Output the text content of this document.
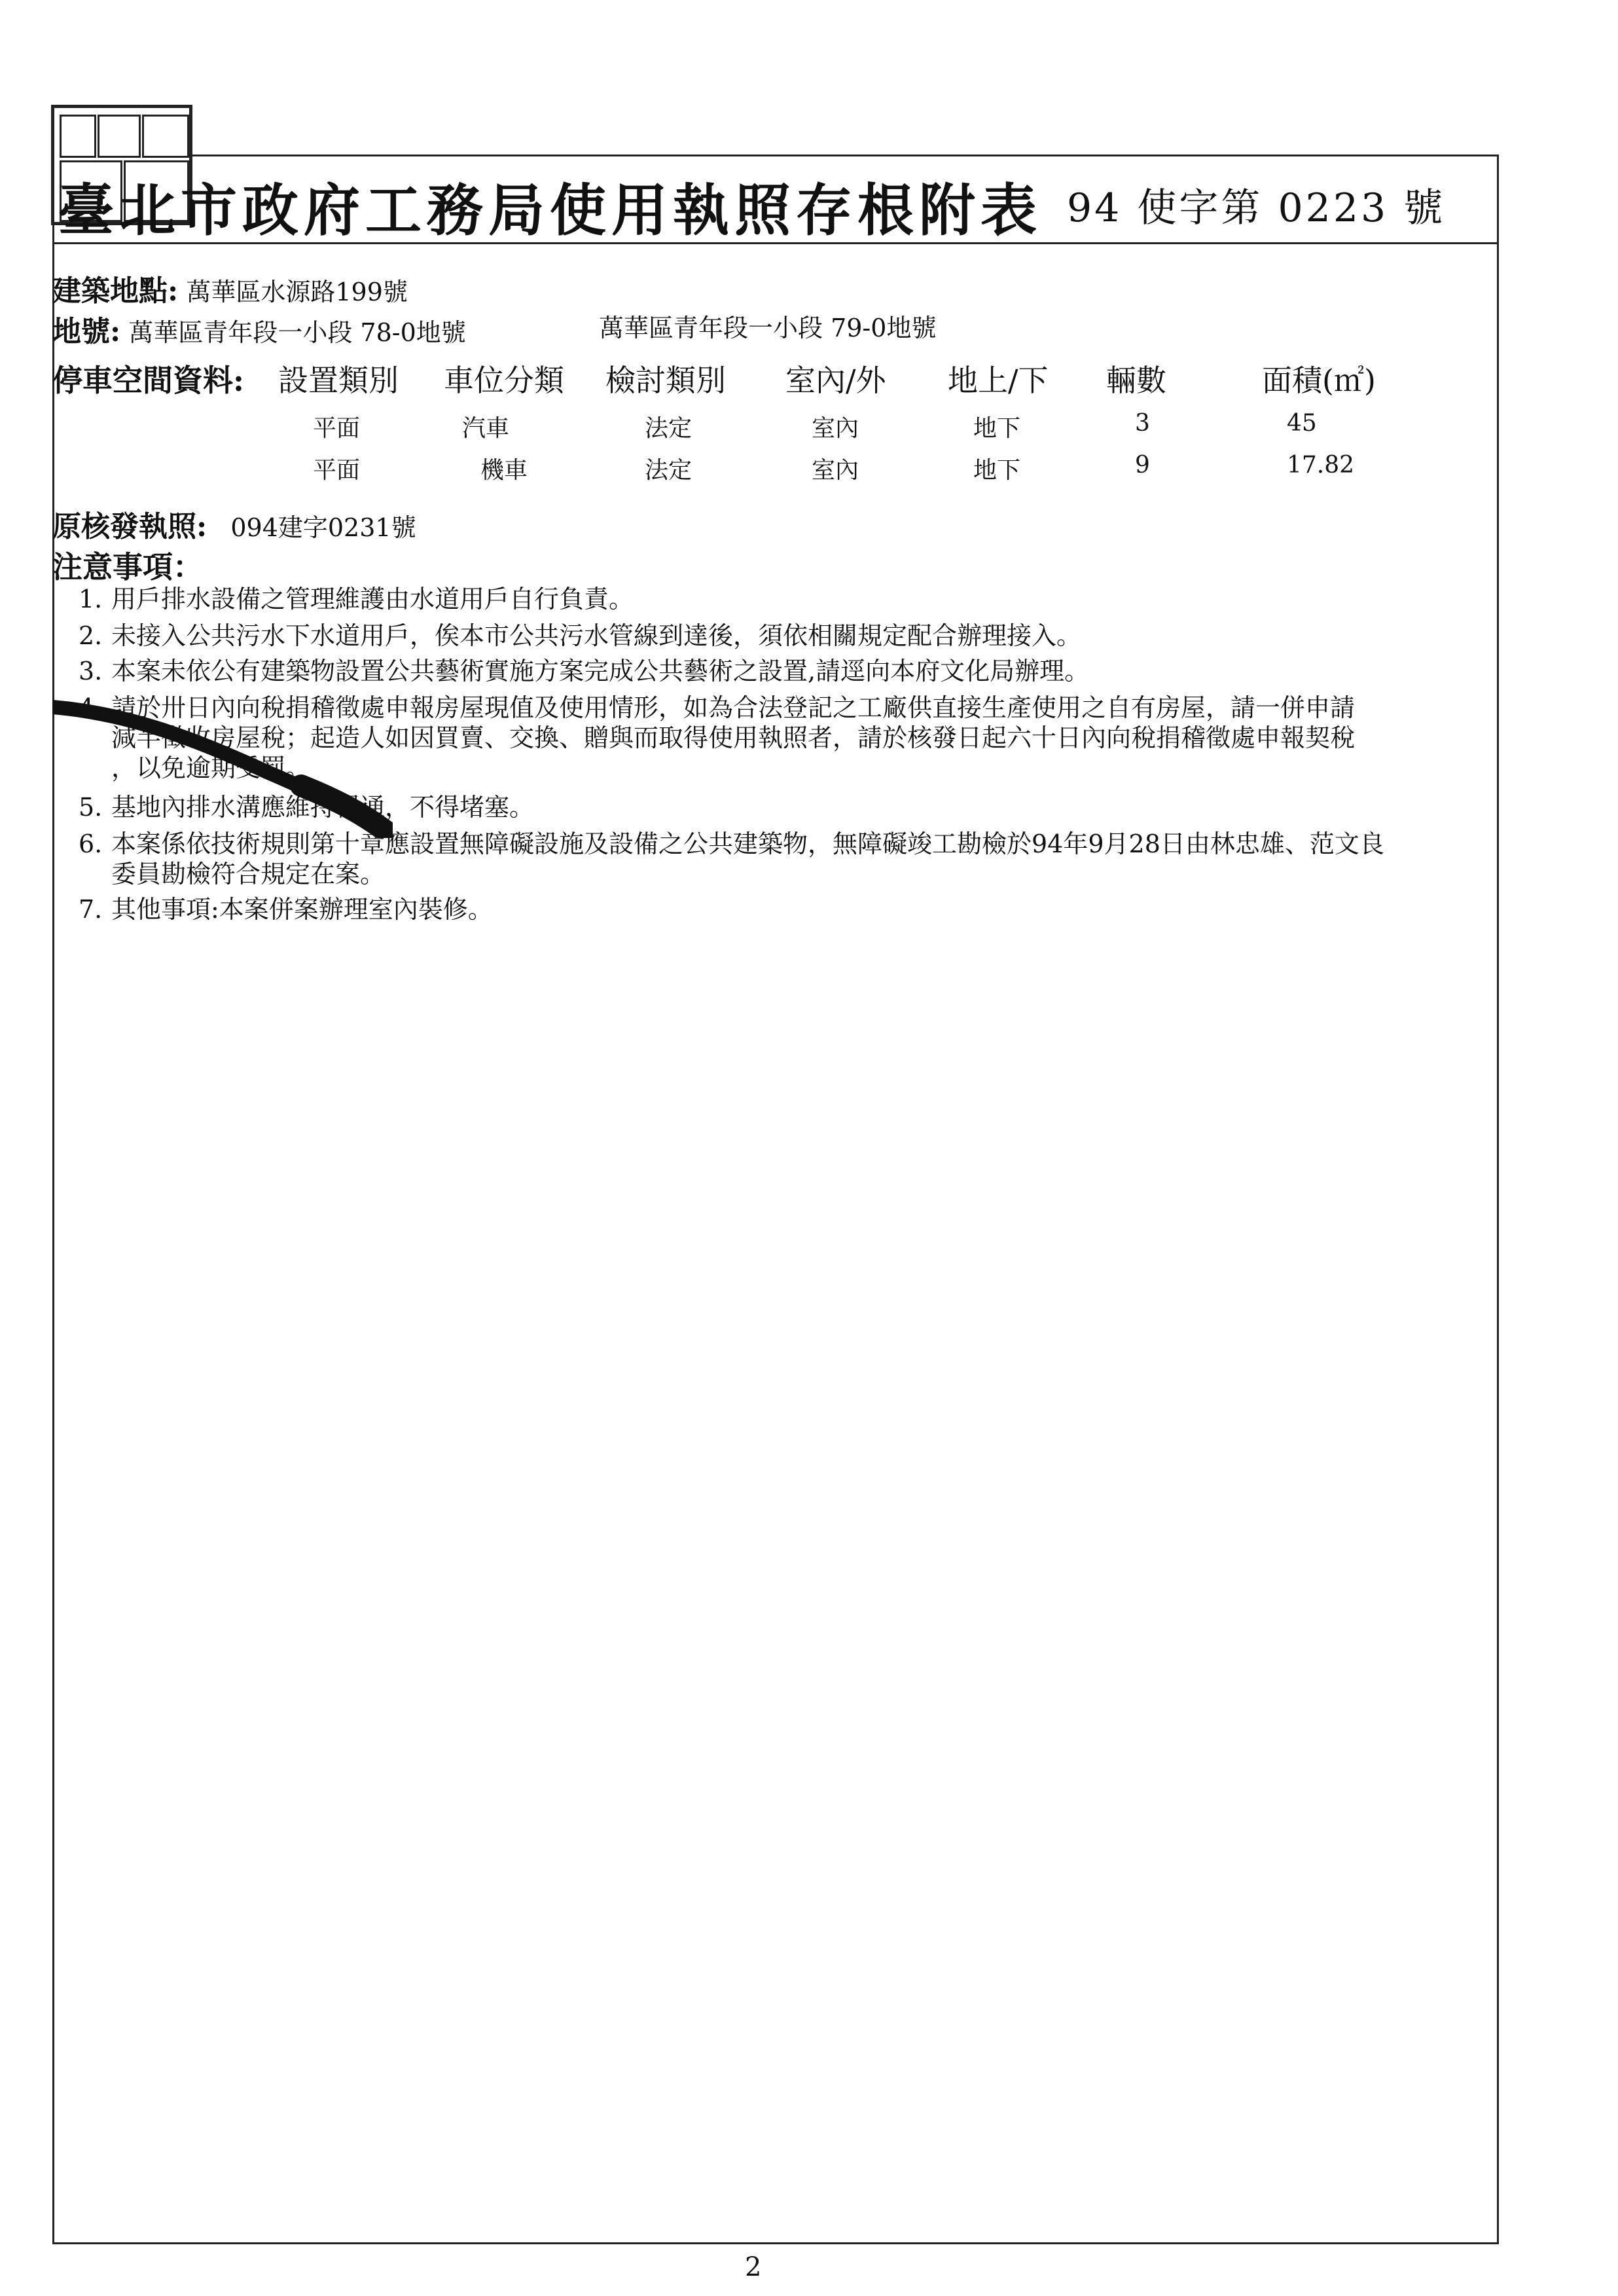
臺北市政府工務局使用執照存根附表 94 使字第 0223 號
建築地點: 萬華區水源路199號
地號: 萬華區青年段一小段 78-0地號	萬華區青年段一小段 79-0地號
停車空間資料: 設置類別 車位分類 檢討類別 室內/外 地上/下 輛數	面積(㎡)
平面	汽車	法定	室內	地下	3	45
平面	機車	法定	室內	地下	9	17.82
原核發執照: 094建字0231號
注意事項：
1. 用戶排水設備之管理維護由水道用戶自行負責。
2. 未接入公共污水下水道用戶，俟本市公共污水管線到達後，須依相關規定配合辦理接入。
3. 本案未依公有建築物設置公共藝術實施方案完成公共藝術之設置,請逕向本府文化局辦理。
4. 請於卅日內向稅捐稽徵處申報房屋現值及使用情形，如為合法登記之工廠供直接生產使用之自有房屋，請一併申請
減半徵收房屋稅；起造人如因買賣、交換、贈與而取得使用執照者，請於核發日起六十日內向稅捐稽徵處申報契稅
，以免逾期受罰。
5. 基地內排水溝應維持暢通，不得堵塞。
6. 本案係依技術規則第十章應設置無障礙設施及設備之公共建築物，無障礙竣工勘檢於94年9月28日由林忠雄、范文良
委員勘檢符合規定在案。
7. 其他事項:本案併案辦理室內裝修。
2
